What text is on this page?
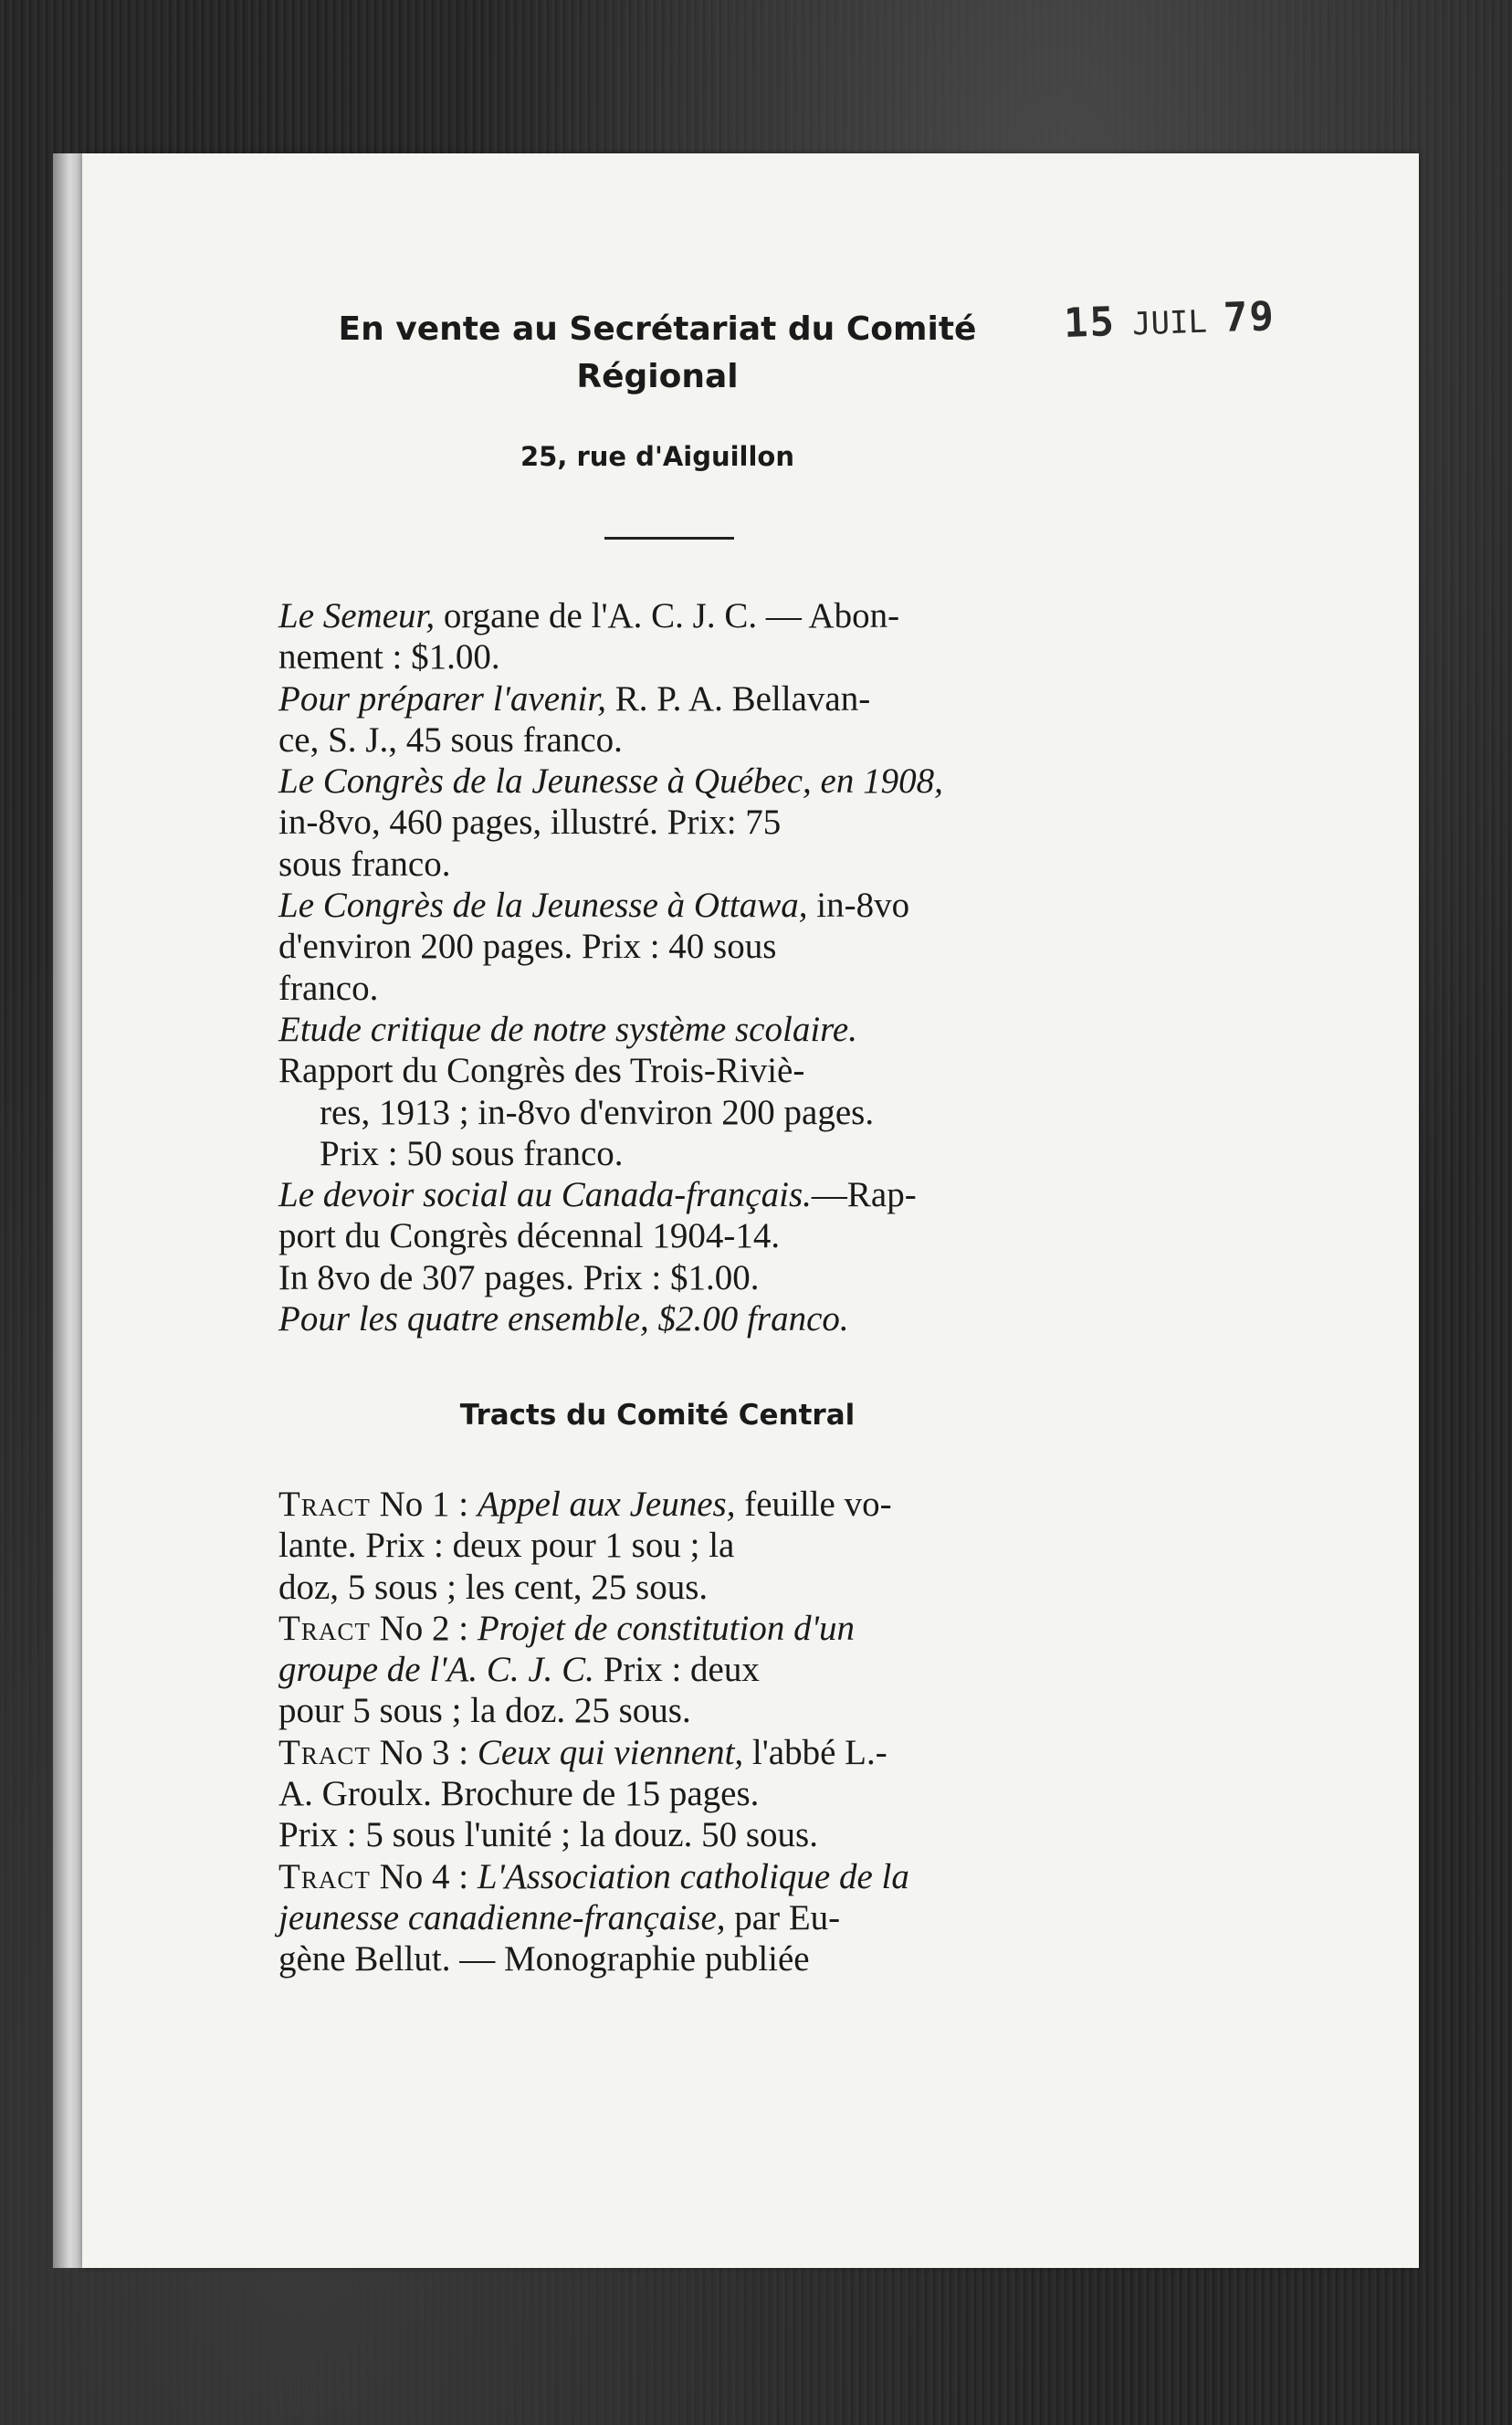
15 JUIL 79
En vente au Secrétariat du Comité
Régional
25, rue d'Aiguillon
Le Semeur, organe de l'A. C. J. C. — Abon-
nement : $1.00.
Pour préparer l'avenir, R. P. A. Bellavan-
ce, S. J., 45 sous franco.
Le Congrès de la Jeunesse à Québec, en 1908,
in-8vo, 460 pages, illustré. Prix: 75
sous franco.
Le Congrès de la Jeunesse à Ottawa, in-8vo
d'environ 200 pages. Prix : 40 sous
franco.
Etude critique de notre système scolaire.
Rapport du Congrès des Trois-Riviè-
res, 1913 ; in-8vo d'environ 200 pages.
Prix : 50 sous franco.
Le devoir social au Canada-français.—Rap-
port du Congrès décennal 1904-14.
In 8vo de 307 pages. Prix : $1.00.
Pour les quatre ensemble, $2.00 franco.
Tracts du Comité Central
Tract No 1 : Appel aux Jeunes, feuille vo-
lante. Prix : deux pour 1 sou ; la
doz, 5 sous ; les cent, 25 sous.
Tract No 2 : Projet de constitution d'un
groupe de l'A. C. J. C. Prix : deux
pour 5 sous ; la doz. 25 sous.
Tract No 3 : Ceux qui viennent, l'abbé L.-
A. Groulx. Brochure de 15 pages.
Prix : 5 sous l'unité ; la douz. 50 sous.
Tract No 4 : L'Association catholique de la
jeunesse canadienne-française, par Eu-
gène Bellut. — Monographie publiée
